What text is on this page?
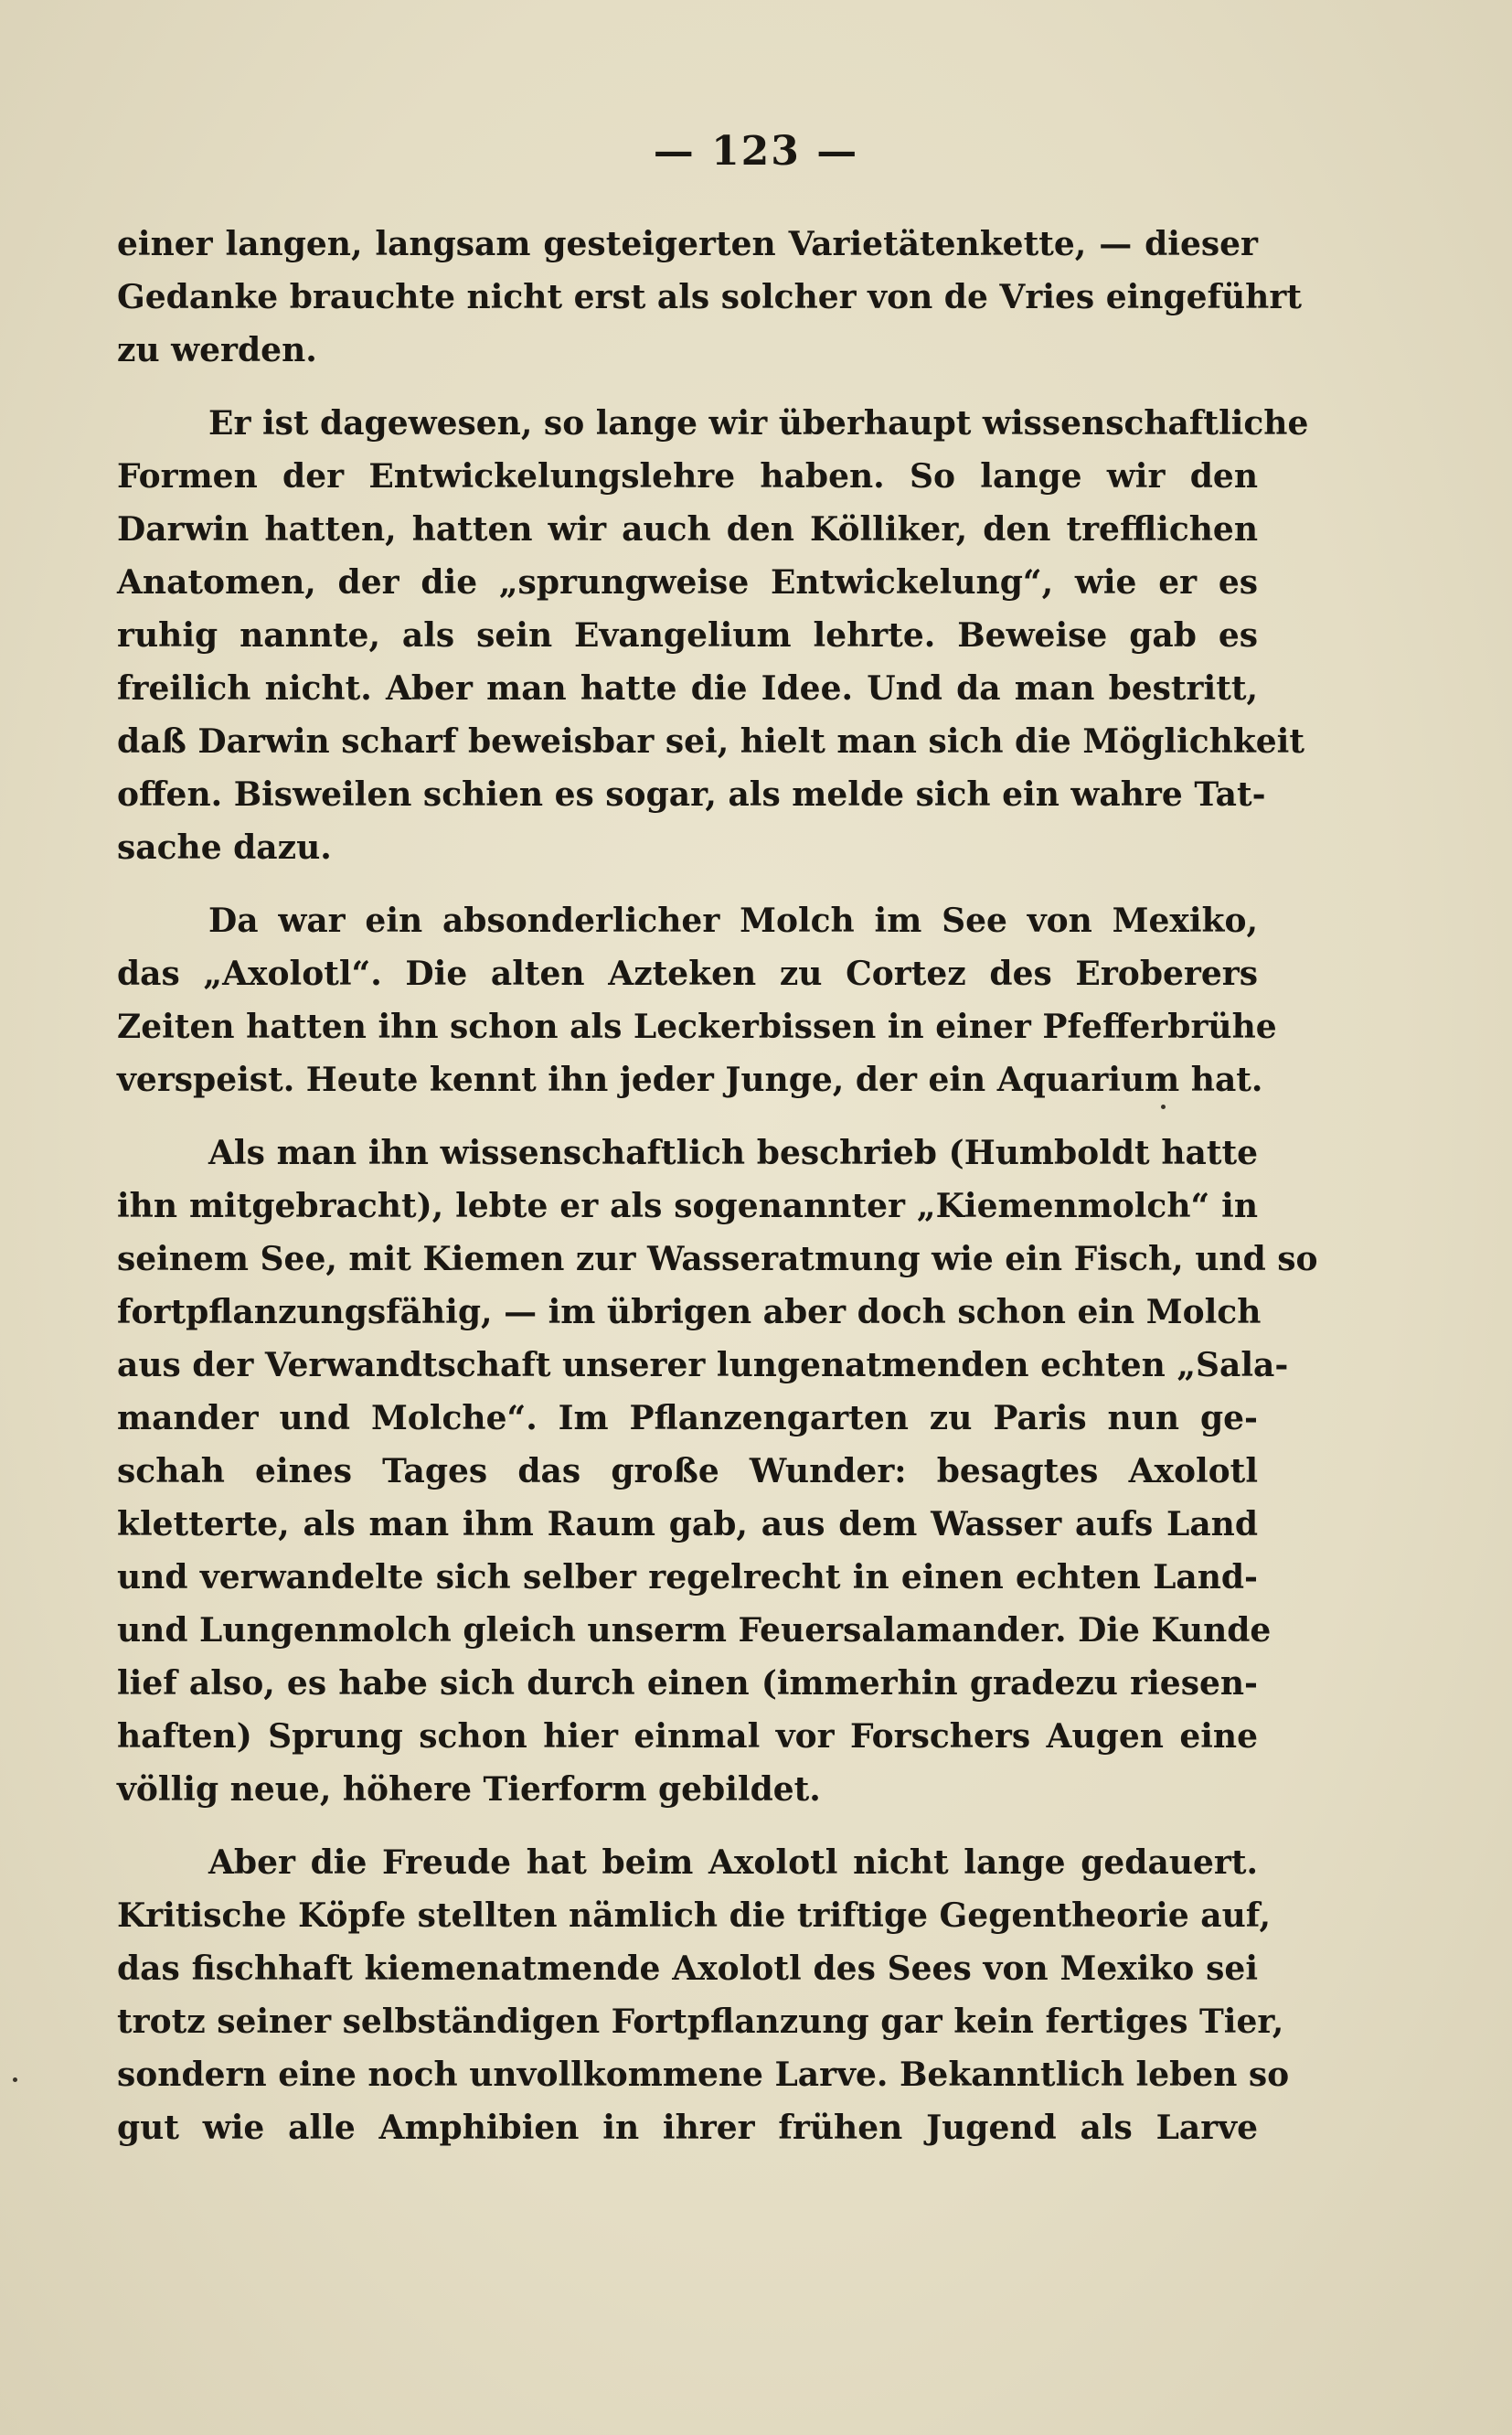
— 123 —
einer langen, langsam gesteigerten Varietätenkette, — dieser
Gedanke brauchte nicht erst als solcher von de Vries eingeführt
zu werden.
Er ist dagewesen, so lange wir überhaupt wissenschaftliche
Formen der Entwickelungslehre haben. So lange wir den
Darwin hatten, hatten wir auch den Kölliker, den trefflichen
Anatomen, der die „sprungweise Entwickelung“, wie er es
ruhig nannte, als sein Evangelium lehrte. Beweise gab es
freilich nicht. Aber man hatte die Idee. Und da man bestritt,
daß Darwin scharf beweisbar sei, hielt man sich die Möglichkeit
offen. Bisweilen schien es sogar, als melde sich ein wahre Tat-
sache dazu.
Da war ein absonderlicher Molch im See von Mexiko,
das „Axolotl“. Die alten Azteken zu Cortez des Eroberers
Zeiten hatten ihn schon als Leckerbissen in einer Pfefferbrühe
verspeist. Heute kennt ihn jeder Junge, der ein Aquarium hat.
Als man ihn wissenschaftlich beschrieb (Humboldt hatte
ihn mitgebracht), lebte er als sogenannter „Kiemenmolch“ in
seinem See, mit Kiemen zur Wasseratmung wie ein Fisch, und so
fortpflanzungsfähig, — im übrigen aber doch schon ein Molch
aus der Verwandtschaft unserer lungenatmenden echten „Sala-
mander und Molche“. Im Pflanzengarten zu Paris nun ge-
schah eines Tages das große Wunder: besagtes Axolotl
kletterte, als man ihm Raum gab, aus dem Wasser aufs Land
und verwandelte sich selber regelrecht in einen echten Land-
und Lungenmolch gleich unserm Feuersalamander. Die Kunde
lief also, es habe sich durch einen (immerhin gradezu riesen-
haften) Sprung schon hier einmal vor Forschers Augen eine
völlig neue, höhere Tierform gebildet.
Aber die Freude hat beim Axolotl nicht lange gedauert.
Kritische Köpfe stellten nämlich die triftige Gegentheorie auf,
das fischhaft kiemenatmende Axolotl des Sees von Mexiko sei
trotz seiner selbständigen Fortpflanzung gar kein fertiges Tier,
sondern eine noch unvollkommene Larve. Bekanntlich leben so
gut wie alle Amphibien in ihrer frühen Jugend als Larve
